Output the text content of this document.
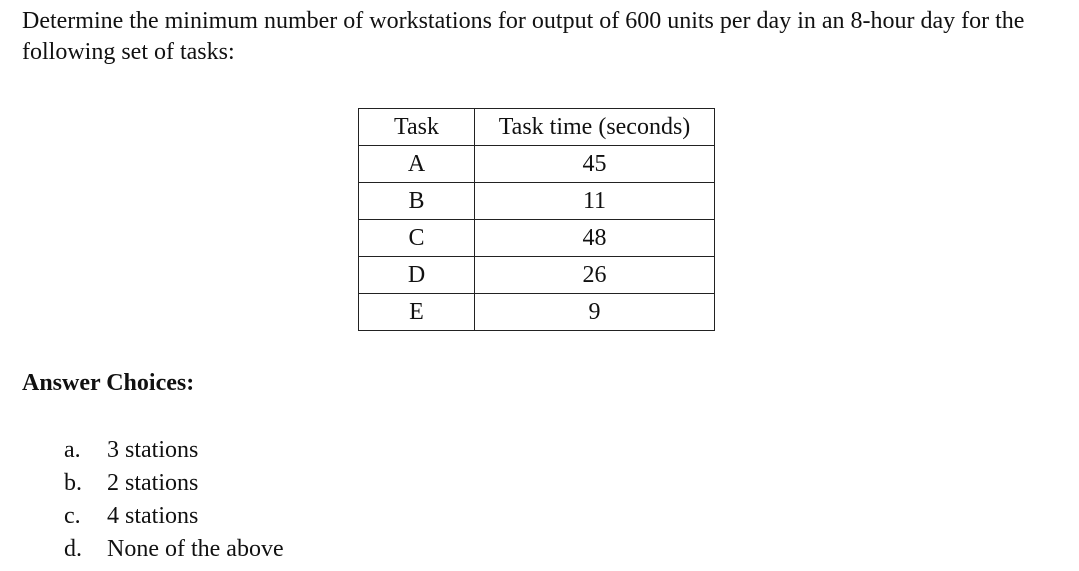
Determine the minimum number of workstations for output of 600 units per day in an 8-hour day for the following set of tasks:

Task	Task time (seconds)
A	45
B	11
C	48
D	26
E	9

Answer Choices:

a.	3 stations
b.	2 stations
c.	4 stations
d.	None of the above
